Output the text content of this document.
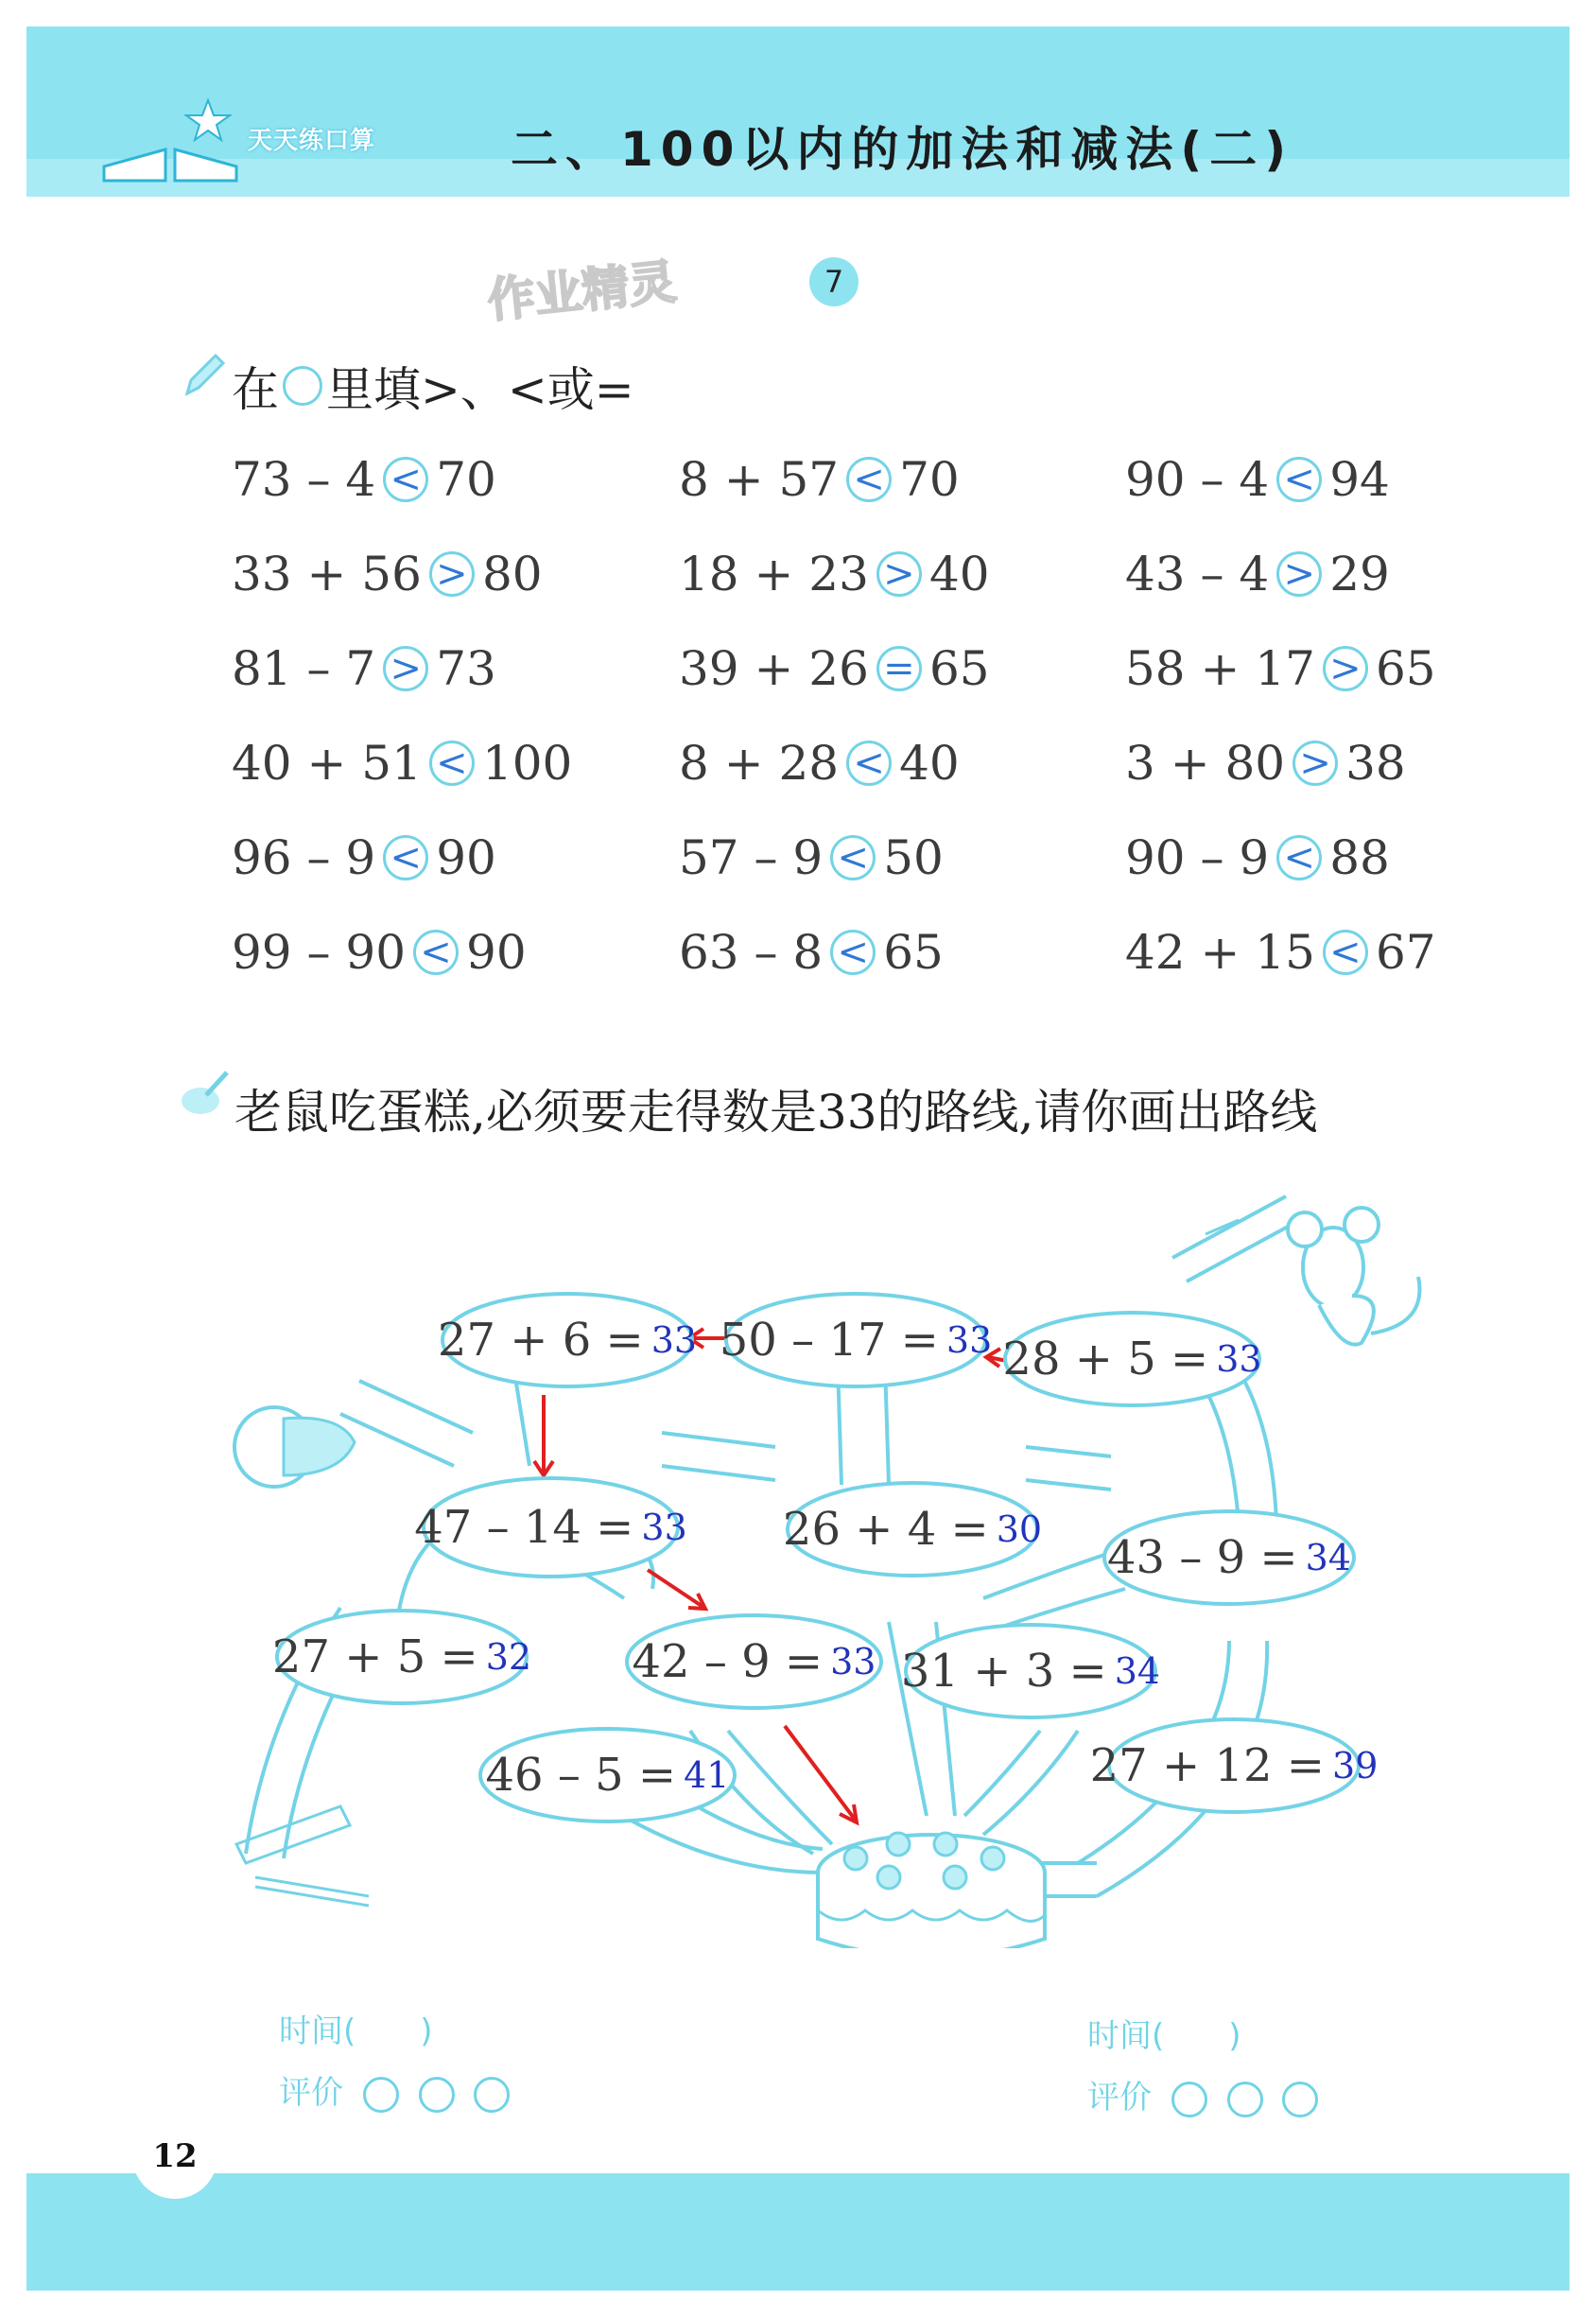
天天练口算	二、100以内的加法和减法(二)
作业精灵	7
在 里填>、<或=
73 – 4 < 70	8 + 57 < 70	90 – 4 < 94
33 + 56 > 80	18 + 23 > 40	43 – 4 > 29
81 – 7 > 73	39 + 26 = 65	58 + 17 > 65
40 + 51 < 100 8 + 28 < 40	3 + 80 > 38
96 – 9 < 90	57 – 9 < 50	90 – 9 < 88
99 – 90 < 90	63 – 8 < 65	42 + 15 < 67
老鼠吃蛋糕,必须要走得数是33的路线,请你画出路线
27 + 6 = 33 50 – 17 = 33 28 + 5 = 33
47 – 14 = 33 26 + 4 = 30
43 – 9 = 34
27 + 5 = 32 42 – 9 = 33 31 + 3 = 34
46 – 5 = 41	27 + 12 = 39
时间(　　)
评价
时间(　　)
评价
12
